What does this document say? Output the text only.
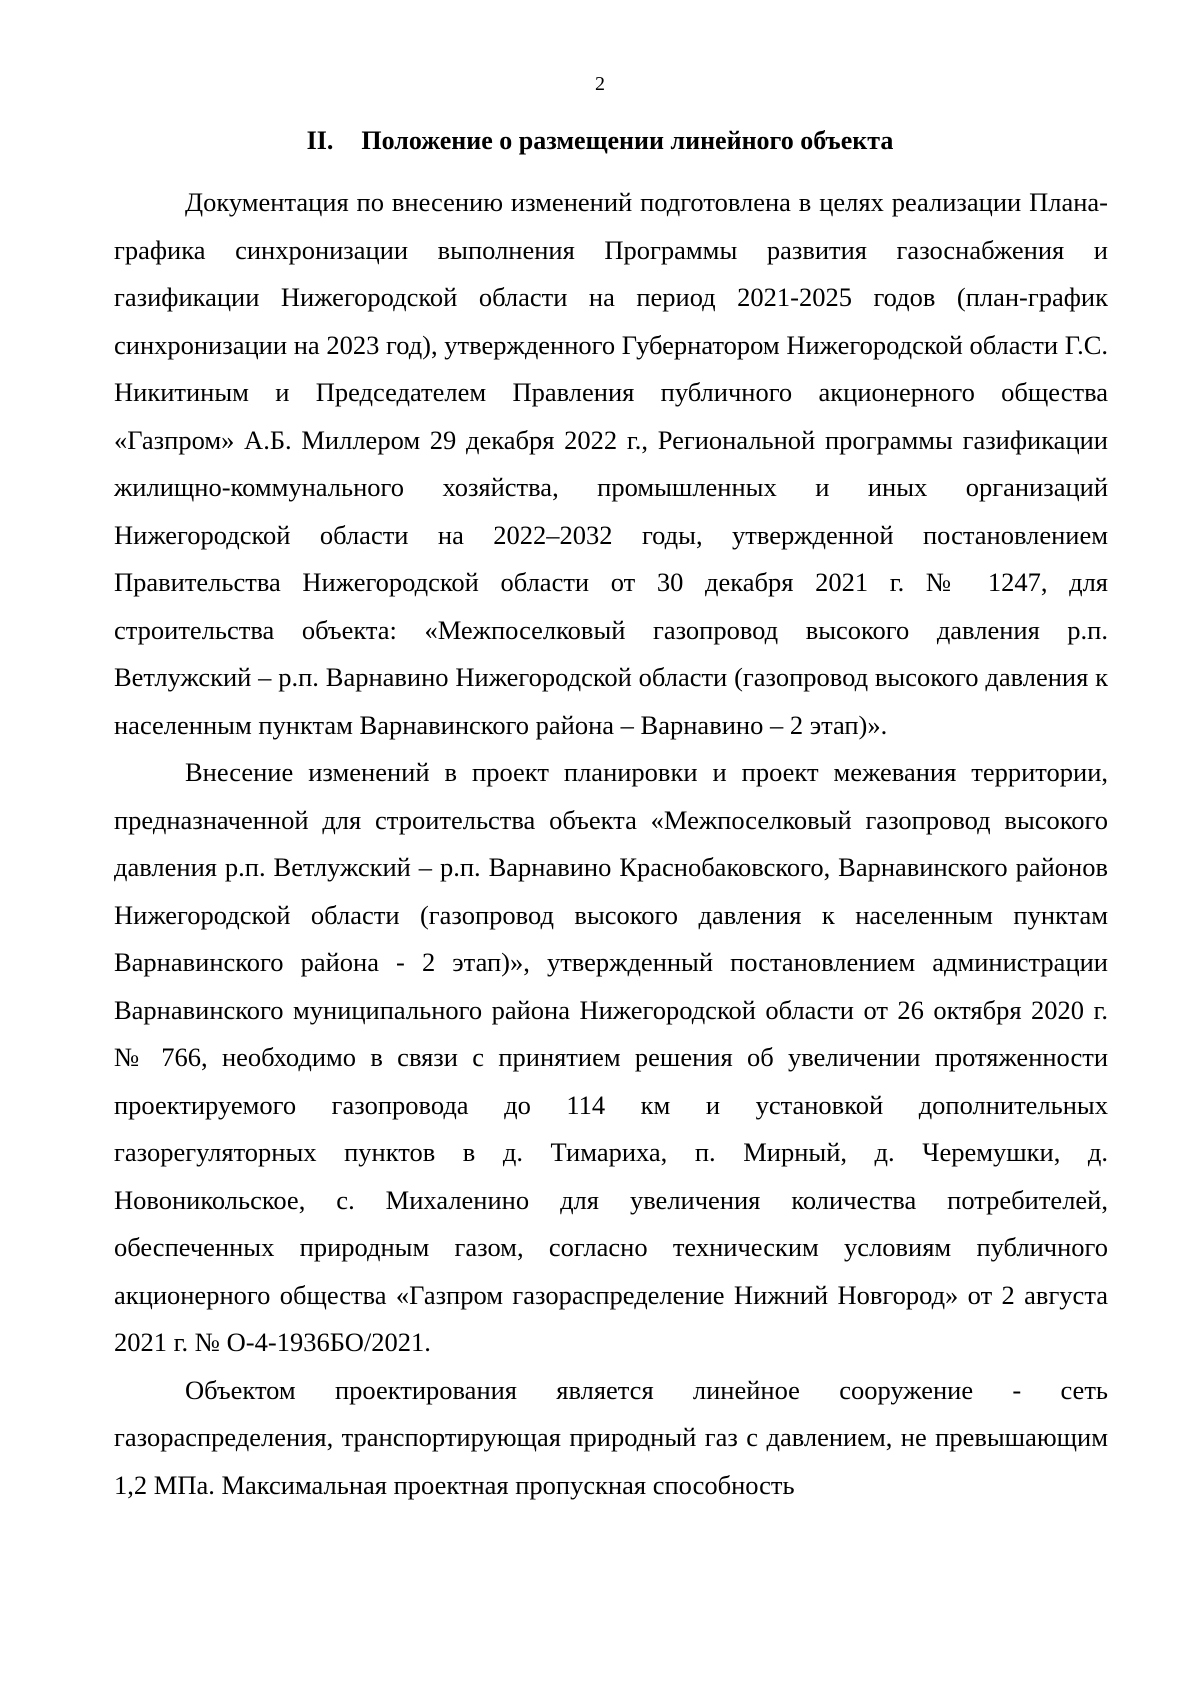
2
II. Положение о размещении линейного объекта

Документация по внесению изменений подготовлена в целях реализации Плана-графика синхронизации выполнения Программы развития газоснабжения и газификации Нижегородской области на период 2021-2025 годов (план-график синхронизации на 2023 год), утвержденного Губернатором Нижегородской области Г.С. Никитиным и Председателем Правления публичного акционерного общества «Газпром» А.Б. Миллером 29 декабря 2022 г., Региональной программы газификации жилищно-коммунального хозяйства, промышленных и иных организаций Нижегородской области на 2022–2032 годы, утвержденной постановлением Правительства Нижегородской области от 30 декабря 2021 г. № 1247, для строительства объекта: «Межпоселковый газопровод высокого давления р.п. Ветлужский – р.п. Варнавино Нижегородской области (газопровод высокого давления к населенным пунктам Варнавинского района – Варнавино – 2 этап)».

Внесение изменений в проект планировки и проект межевания территории, предназначенной для строительства объекта «Межпоселковый газопровод высокого давления р.п. Ветлужский – р.п. Варнавино Краснобаковского, Варнавинского районов Нижегородской области (газопровод высокого давления к населенным пунктам Варнавинского района - 2 этап)», утвержденный постановлением администрации Варнавинского муниципального района Нижегородской области от 26 октября 2020 г. № 766, необходимо в связи с принятием решения об увеличении протяженности проектируемого газопровода до 114 км и установкой дополнительных газорегуляторных пунктов в д. Тимариха, п. Мирный, д. Черемушки, д. Новоникольское, с. Михаленино для увеличения количества потребителей, обеспеченных природным газом, согласно техническим условиям публичного акционерного общества «Газпром газораспределение Нижний Новгород» от 2 августа 2021 г. № О-4-1936БО/2021.

Объектом проектирования является линейное сооружение - сеть газораспределения, транспортирующая природный газ с давлением, не превышающим 1,2 МПа. Максимальная проектная пропускная способность
